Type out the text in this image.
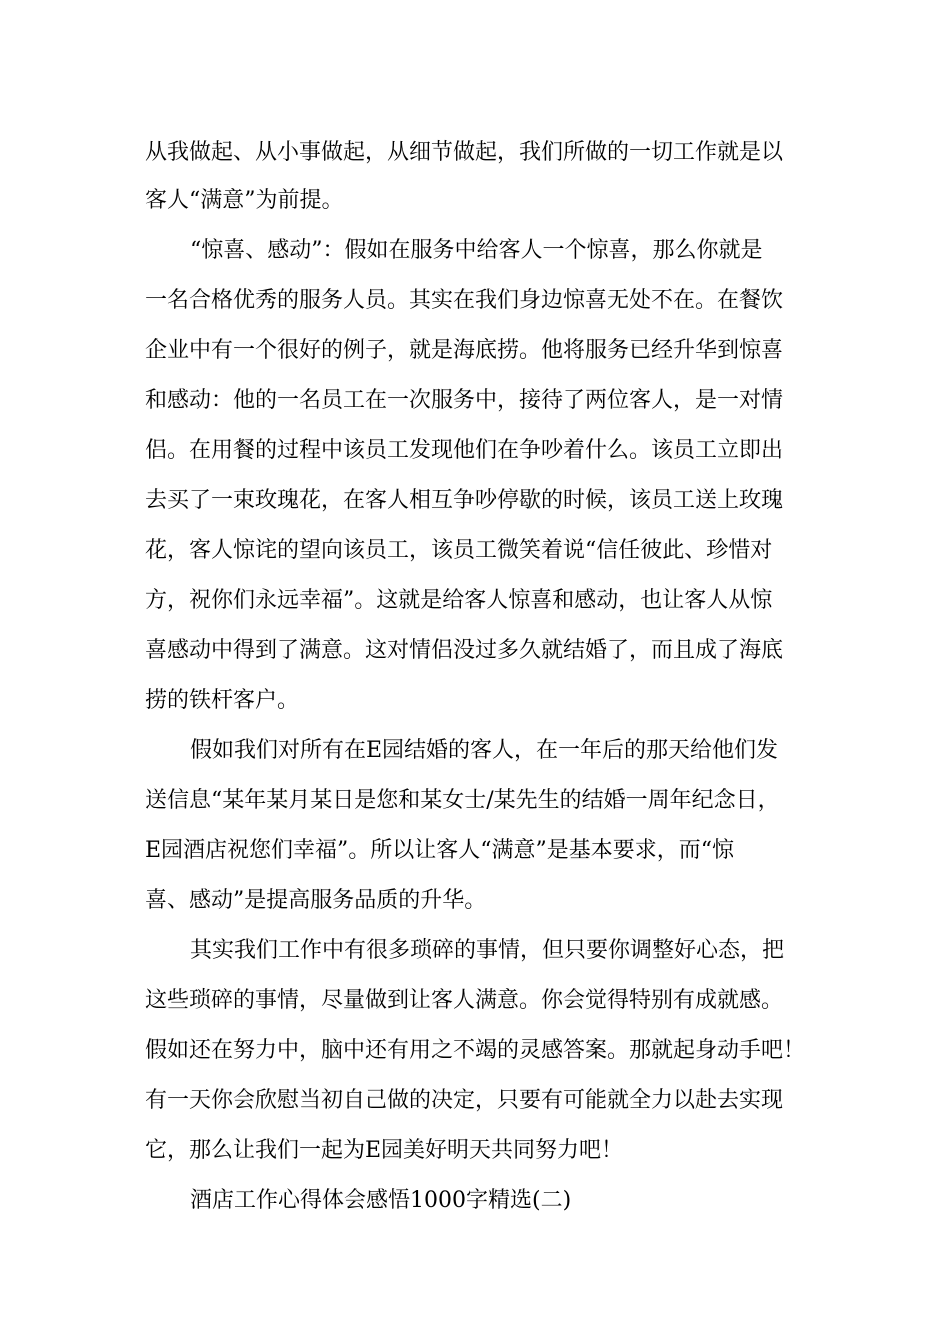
从我做起、从小事做起，从细节做起，我们所做的一切工作就是以
客人“满意”为前提。
“惊喜、感动”：假如在服务中给客人一个惊喜，那么你就是
一名合格优秀的服务人员。其实在我们身边惊喜无处不在。在餐饮
企业中有一个很好的例子，就是海底捞。他将服务已经升华到惊喜
和感动：他的一名员工在一次服务中，接待了两位客人，是一对情
侣。在用餐的过程中该员工发现他们在争吵着什么。该员工立即出
去买了一束玫瑰花，在客人相互争吵停歇的时候，该员工送上玫瑰
花，客人惊诧的望向该员工，该员工微笑着说“信任彼此、珍惜对
方，祝你们永远幸福”。这就是给客人惊喜和感动，也让客人从惊
喜感动中得到了满意。这对情侣没过多久就结婚了，而且成了海底
捞的铁杆客户。
假如我们对所有在E园结婚的客人，在一年后的那天给他们发
送信息“某年某月某日是您和某女士/某先生的结婚一周年纪念日，
E园酒店祝您们幸福”。所以让客人“满意”是基本要求，而“惊
喜、感动”是提高服务品质的升华。
其实我们工作中有很多琐碎的事情，但只要你调整好心态，把
这些琐碎的事情，尽量做到让客人满意。你会觉得特别有成就感。
假如还在努力中，脑中还有用之不竭的灵感答案。那就起身动手吧！
有一天你会欣慰当初自己做的决定，只要有可能就全力以赴去实现
它，那么让我们一起为E园美好明天共同努力吧！
酒店工作心得体会感悟1000字精选(二)
